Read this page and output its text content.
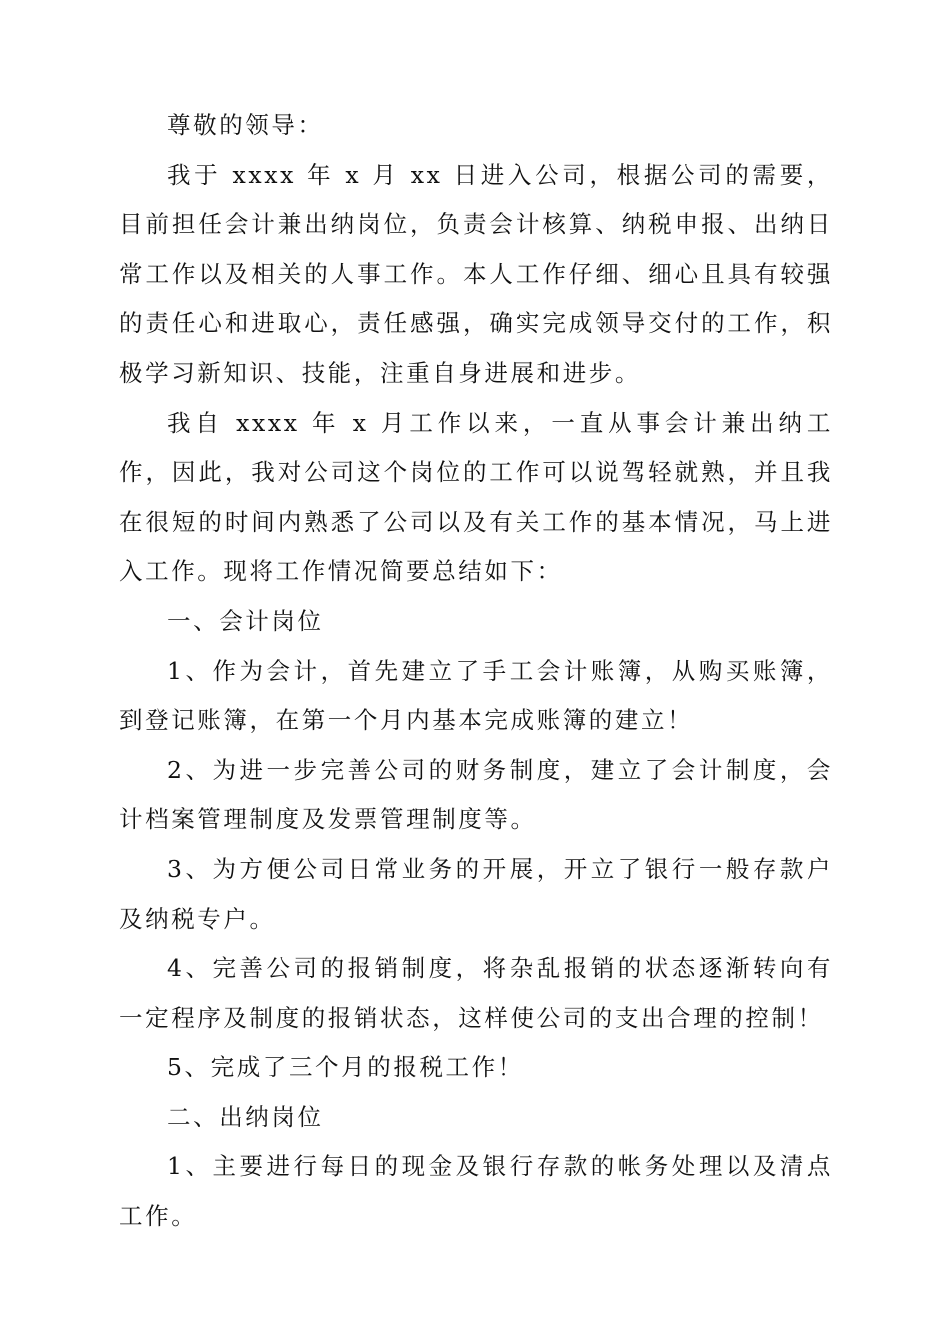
尊敬的领导：

我于 xxxx 年 x 月 xx 日进入公司，根据公司的需要，目前担任会计兼出纳岗位，负责会计核算、纳税申报、出纳日常工作以及相关的人事工作。本人工作仔细、细心且具有较强的责任心和进取心，责任感强，确实完成领导交付的工作，积极学习新知识、技能，注重自身进展和进步。

我自 xxxx 年 x 月工作以来，一直从事会计兼出纳工作，因此，我对公司这个岗位的工作可以说驾轻就熟，并且我在很短的时间内熟悉了公司以及有关工作的基本情况，马上进入工作。现将工作情况简要总结如下：

一、会计岗位

1、作为会计，首先建立了手工会计账簿，从购买账簿，到登记账簿，在第一个月内基本完成账簿的建立！

2、为进一步完善公司的财务制度，建立了会计制度，会计档案管理制度及发票管理制度等。

3、为方便公司日常业务的开展，开立了银行一般存款户及纳税专户。

4、完善公司的报销制度，将杂乱报销的状态逐渐转向有一定程序及制度的报销状态，这样使公司的支出合理的控制！

5、完成了三个月的报税工作！

二、出纳岗位

1、主要进行每日的现金及银行存款的帐务处理以及清点工作。
